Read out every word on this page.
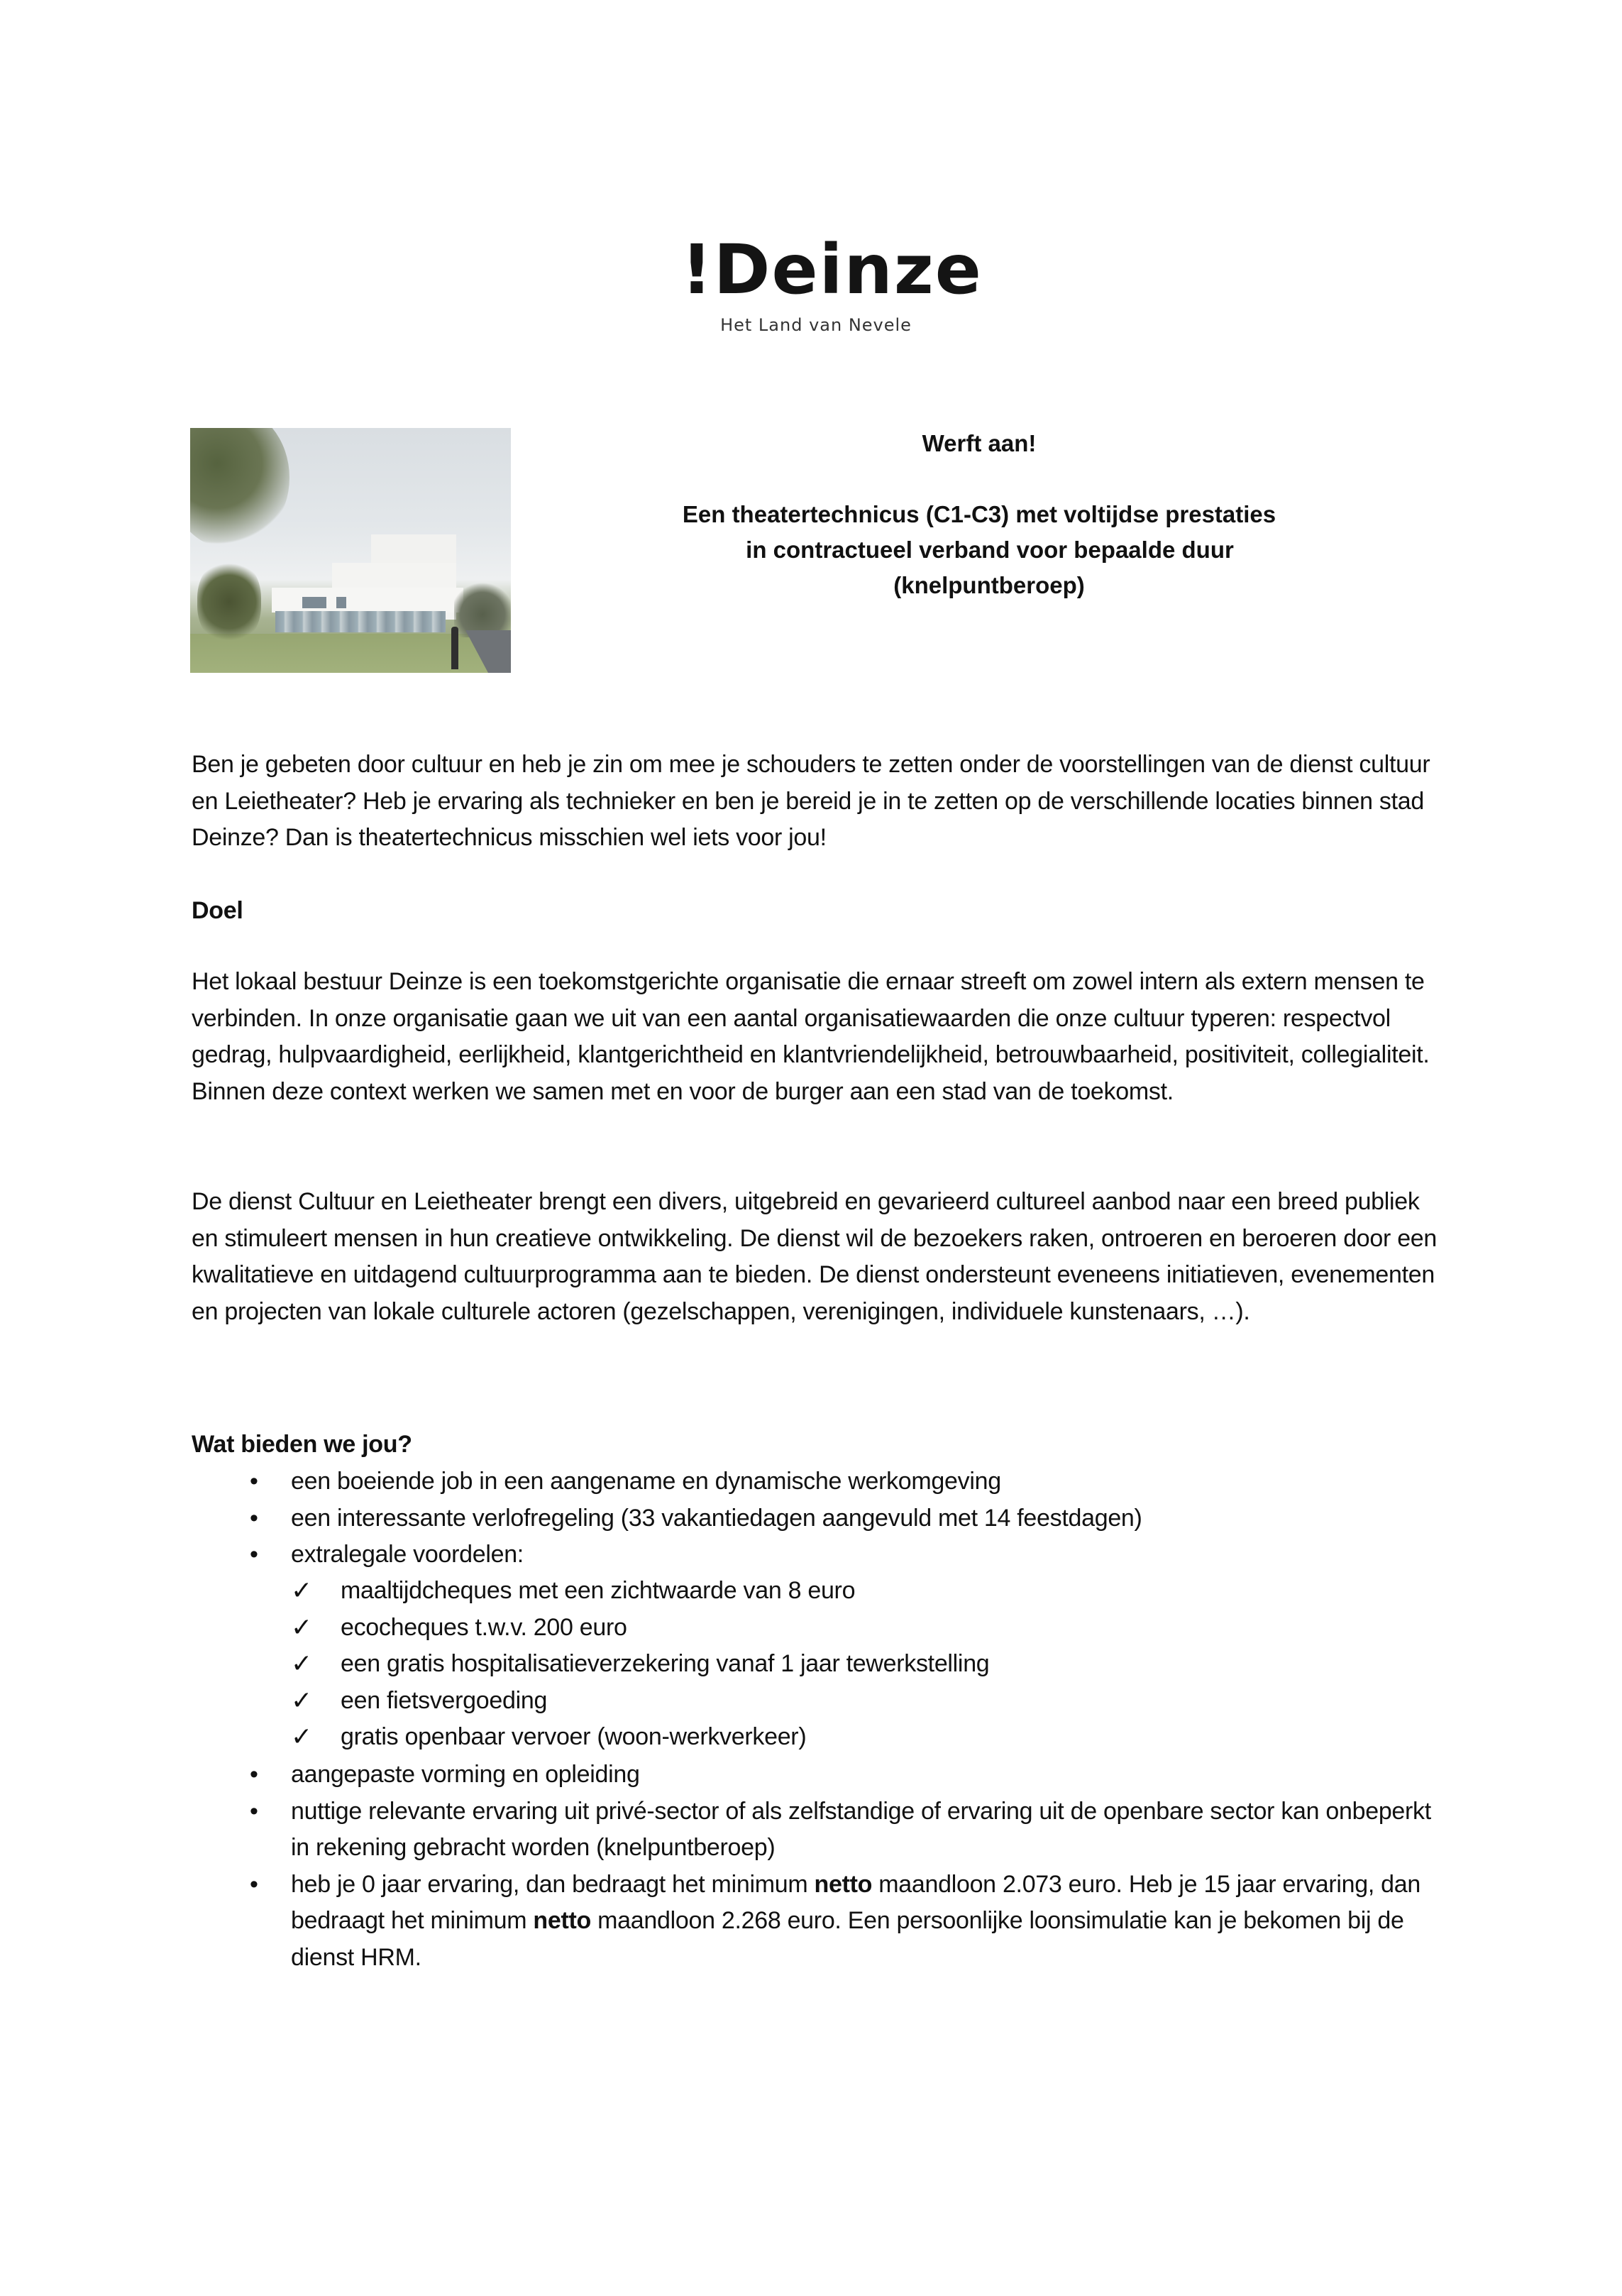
!Deinze
Het Land van Nevele
Werft aan!
Een theatertechnicus (C1-C3) met voltijdse prestaties
in contractueel verband voor bepaalde duur
(knelpuntberoep)
Ben je gebeten door cultuur en heb je zin om mee je schouders te zetten onder de voorstellingen van de dienst cultuur en Leietheater? Heb je ervaring als technieker en ben je bereid je in te zetten op de verschillende locaties binnen stad Deinze? Dan is theatertechnicus misschien wel iets voor jou!
Doel
Het lokaal bestuur Deinze is een toekomstgerichte organisatie die ernaar streeft om zowel intern als extern mensen te verbinden. In onze organisatie gaan we uit van een aantal organisatiewaarden die onze cultuur typeren: respectvol gedrag, hulpvaardigheid, eerlijkheid, klantgerichtheid en klantvriendelijkheid, betrouwbaarheid, positiviteit, collegialiteit. Binnen deze context werken we samen met en voor de burger aan een stad van de toekomst.
De dienst Cultuur en Leietheater brengt een divers, uitgebreid en gevarieerd cultureel aanbod naar een breed publiek en stimuleert mensen in hun creatieve ontwikkeling. De dienst wil de bezoekers raken, ontroeren en beroeren door een kwalitatieve en uitdagend cultuurprogramma aan te bieden. De dienst ondersteunt eveneens initiatieven, evenementen en projecten van lokale culturele actoren (gezelschappen, verenigingen, individuele kunstenaars, …).
Wat bieden we jou?
• een boeiende job in een aangename en dynamische werkomgeving
• een interessante verlofregeling (33 vakantiedagen aangevuld met 14 feestdagen)
• extralegale voordelen:
✓ maaltijdcheques met een zichtwaarde van 8 euro
✓ ecocheques t.w.v. 200 euro
✓ een gratis hospitalisatieverzekering vanaf 1 jaar tewerkstelling
✓ een fietsvergoeding
✓ gratis openbaar vervoer (woon-werkverkeer)
• aangepaste vorming en opleiding
• nuttige relevante ervaring uit privé-sector of als zelfstandige of ervaring uit de openbare sector kan onbeperkt in rekening gebracht worden (knelpuntberoep)
• heb je 0 jaar ervaring, dan bedraagt het minimum netto maandloon 2.073 euro. Heb je 15 jaar ervaring, dan bedraagt het minimum netto maandloon 2.268 euro. Een persoonlijke loonsimulatie kan je bekomen bij de dienst HRM.
